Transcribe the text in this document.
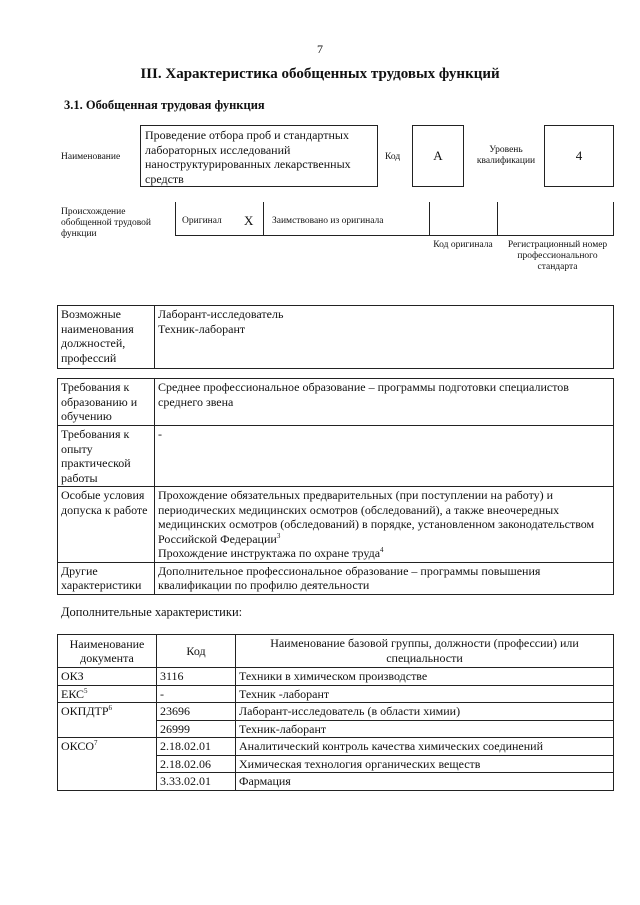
7
III. Характеристика обобщенных трудовых функций
3.1. Обобщенная трудовая функция
Наименование
Проведение отбора проб и стандартных лабораторных исследований наноструктурированных лекарственных средств
Код	А	Уровень квалификации	4
Происхождение обобщенной трудовой функции
Оригинал Х Заимствовано из оригинала
Код оригинала Регистрационный номер профессионального стандарта
Возможные наименования должностей, профессий	
Лаборант-исследователь
Техник-лаборант
Требования к образованию и обучению	Среднее профессиональное образование – программы подготовки специалистов среднего звена
Требования к опыту практической работы	-
Особые условия допуска к работе	Прохождение обязательных предварительных (при поступлении на работу) и периодических медицинских осмотров (обследований), а также внеочередных медицинских осмотров (обследований) в порядке, установленном законодательством Российской Федерации$^3$
Прохождение инструктажа по охране труда$^4$

Другие характеристики	Дополнительное профессиональное образование – программы повышения квалификации по профилю деятельности
Дополнительные характеристики:
Наименование документа	Код	Наименование базовой группы, должности (профессии) или специальности
ОКЗ	3116	Техники в химическом производстве
ЕКС$^5$	-	Техник -лаборант
ОКПДТР$^6$	23696	Лаборант-исследователь (в области химии)
	26999	Техник-лаборант
ОКСО$^7$	2.18.02.01	Аналитический контроль качества химических соединений
	2.18.02.06	Химическая технология органических веществ
	3.33.02.01	Фармация
